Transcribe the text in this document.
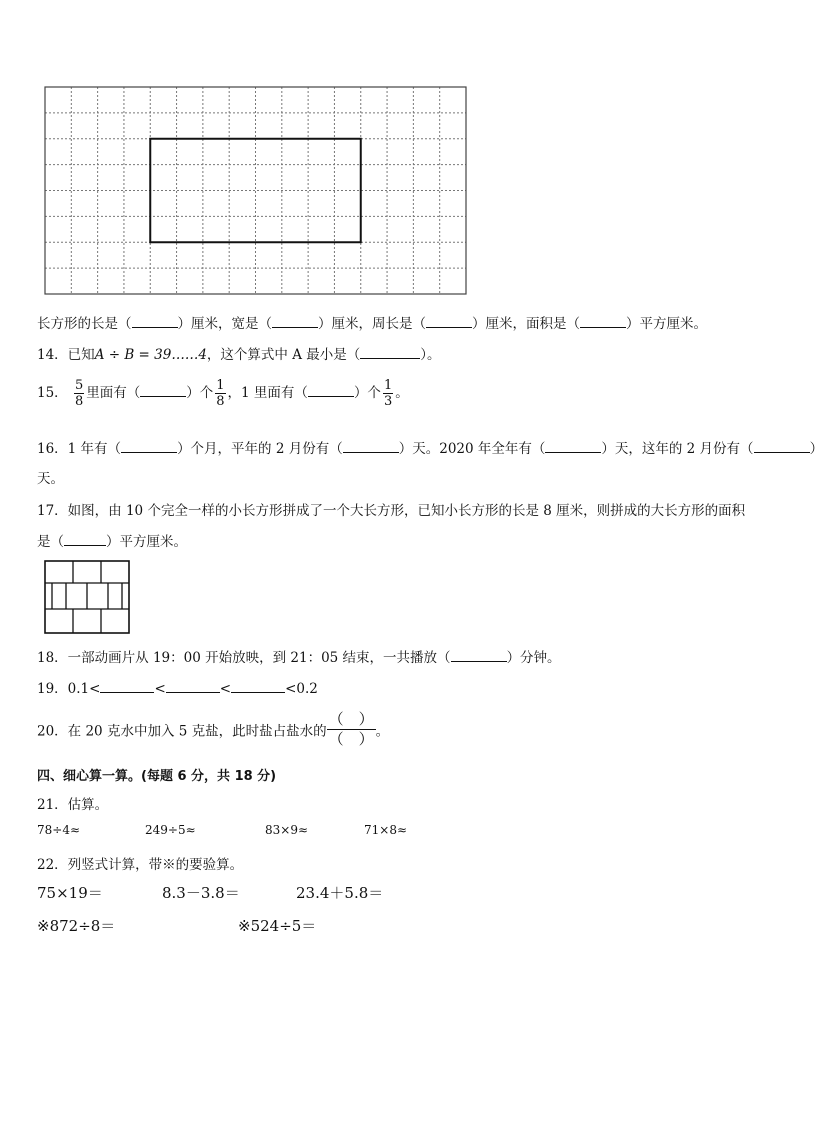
长方形的长是（	）厘米，宽是（	）厘米，周长是（	）厘米，面积是（	）平方厘米。
14．已知A ÷ B = 39……4，这个算式中 A 最小是（	）。
15． $\frac{5}{8}$ 里面有（	）个 $\frac{1}{8}$ ，1 里面有（	）个 $\frac{1}{3}$ 。
16．1 年有（	）个月，平年的 2 月份有（	）天。2020 年全年有（	）天，这年的 2 月份有（	）
天。
17．如图，由 10 个完全一样的小长方形拼成了一个大长方形，已知小长方形的长是 8 厘米，则拼成的大长方形的面积
是（	）平方厘米。
18．一部动画片从 19：00 开始放映，到 21：05 结束，一共播放（	）分钟。
19．0.1<	<	<	<0.2
20．在 20 克水中加入 5 克盐，此时盐占盐水的 $\frac{( )}{( )}$ 。
四、细心算一算。(每题 6 分，共 18 分)
21．估算。
78÷4≈	249÷5≈	83×9≈	71×8≈
22．列竖式计算，带※的要验算。
75×19＝	8.3－3.8＝	23.4＋5.8＝
※872÷8＝	※524÷5＝
